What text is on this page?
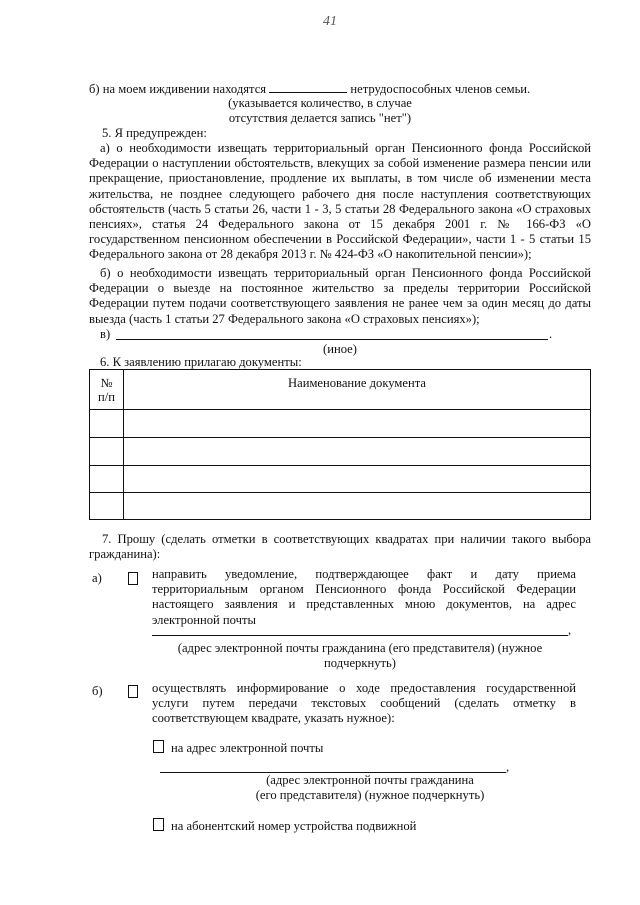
41
б) на моем иждивении находятся	нетрудоспособных членов семьи.
(указывается количество, в случае
отсутствия делается запись "нет")
5. Я предупрежден:
а) о необходимости извещать территориальный орган Пенсионного фонда Российской Федерации о наступлении обстоятельств, влекущих за собой изменение размера пенсии или прекращение, приостановление, продление их выплаты, в том числе об изменении места жительства, не позднее следующего рабочего дня после наступления соответствующих обстоятельств (часть 5 статьи 26, части 1 - 3, 5 статьи 28 Федерального закона «О страховых пенсиях», статья 24 Федерального закона от 15 декабря 2001 г. № 166-ФЗ «О государственном пенсионном обеспечении в Российской Федерации», части 1 - 5 статьи 15 Федерального закона от 28 декабря 2013 г. № 424-ФЗ «О накопительной пенсии»);
б) о необходимости извещать территориальный орган Пенсионного фонда Российской Федерации о выезде на постоянное жительство за пределы территории Российской Федерации путем подачи соответствующего заявления не ранее чем за один месяц до даты выезда (часть 1 статьи 27 Федерального закона «О страховых пенсиях»);
в)	.
(иное)
6. К заявлению прилагаю документы:
№ п/п	Наименование документа

7. Прошу (сделать отметки в соответствующих квадратах при наличии такого выбора гражданина):
а)	направить уведомление, подтверждающее факт и дату приема территориальным органом Пенсионного фонда Российской Федерации настоящего заявления и представленных мною документов, на адрес электронной почты
,
(адрес электронной почты гражданина (его представителя) (нужное подчеркнуть)
б)	осуществлять информирование о ходе предоставления государственной услуги путем передачи текстовых сообщений (сделать отметку в соответствующем квадрате, указать нужное):
на адрес электронной почты
,
(адрес электронной почты гражданина
(его представителя) (нужное подчеркнуть)
на абонентский номер устройства подвижной
